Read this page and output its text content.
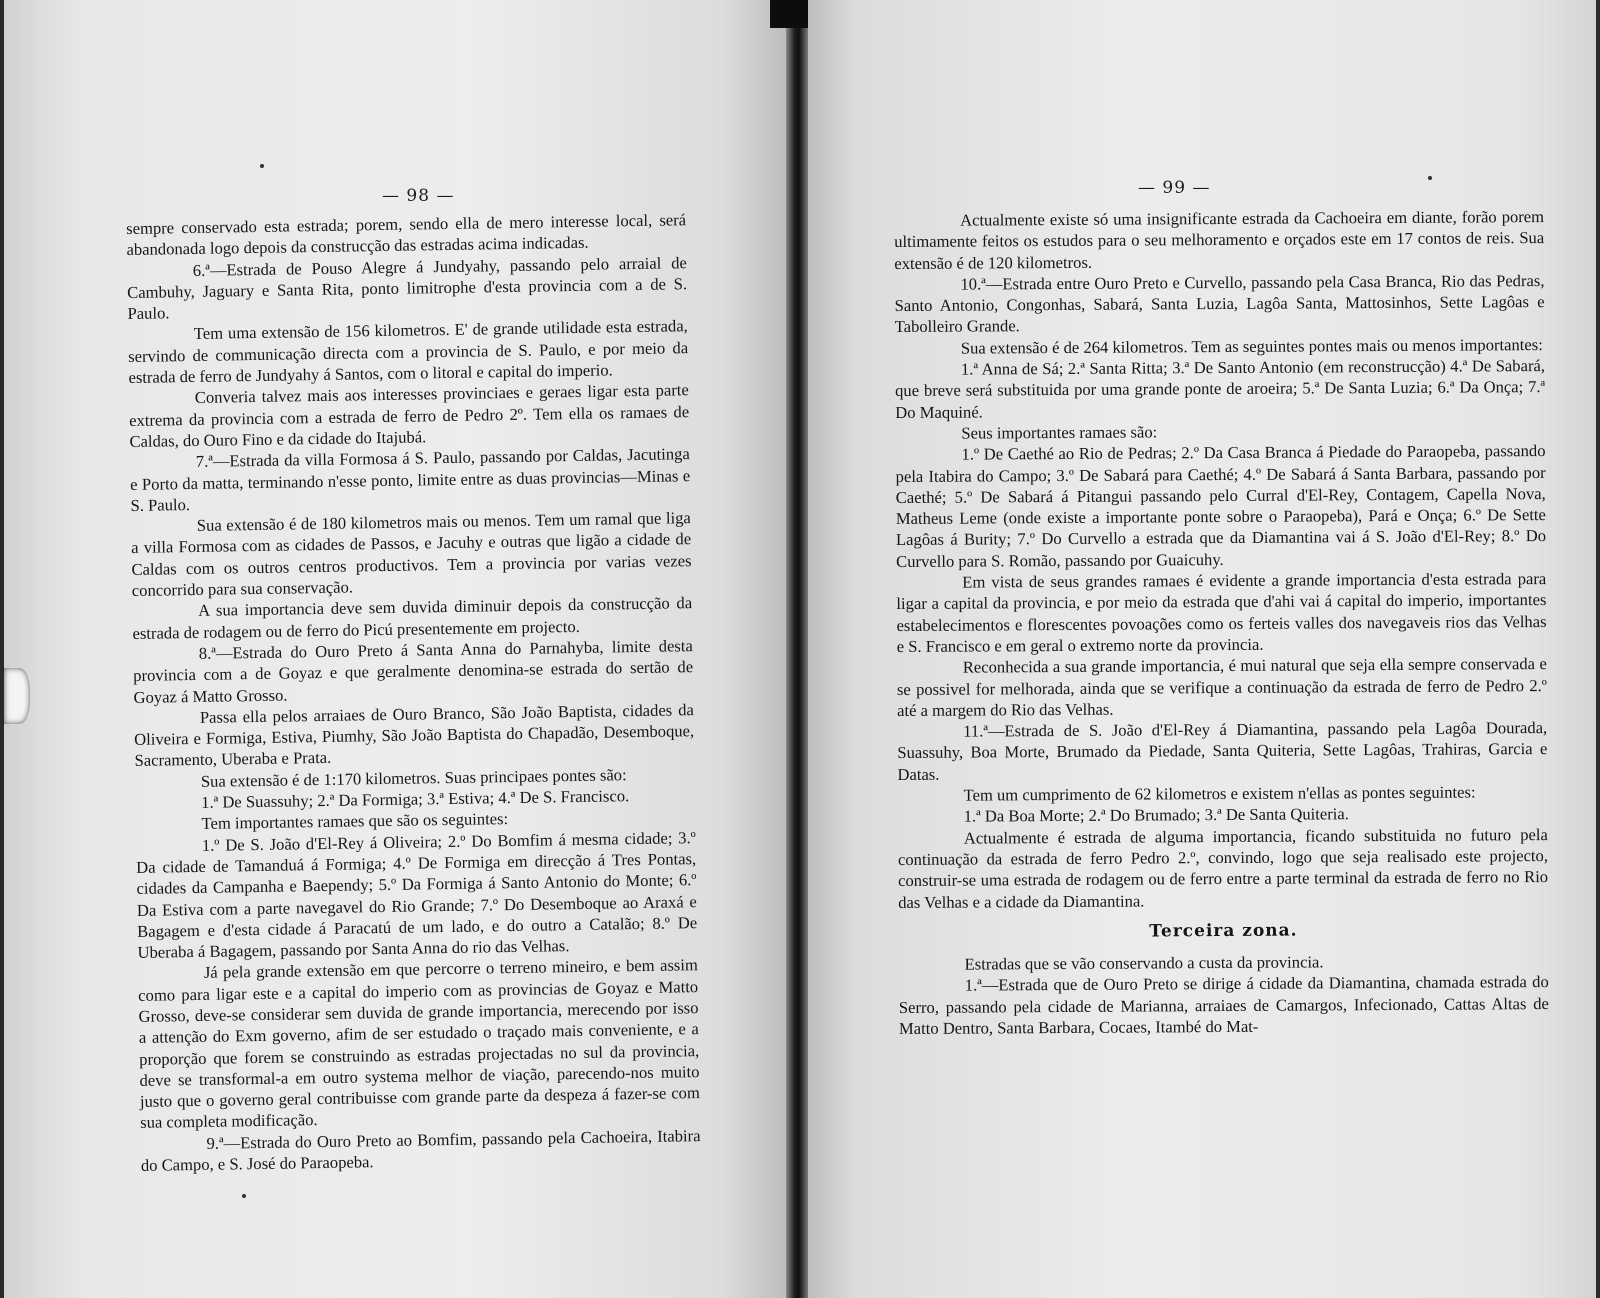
— 98 —

sempre conservado esta estrada; porem, sendo ella de mero interesse local, será abandonada logo depois da construcção das estradas acima indicadas.

6.ª—Estrada de Pouso Alegre á Jundyahy, passando pelo arraial de Cambuhy, Jaguary e Santa Rita, ponto limitrophe d'esta provincia com a de S. Paulo.

Tem uma extensão de 156 kilometros. E' de grande utilidade esta estrada, servindo de communicação directa com a provincia de S. Paulo, e por meio da estrada de ferro de Jundyahy á Santos, com o litoral e capital do imperio.

Converia talvez mais aos interesses provinciaes e geraes ligar esta parte extrema da provincia com a estrada de ferro de Pedro 2º. Tem ella os ramaes de Caldas, do Ouro Fino e da cidade do Itajubá.

7.ª—Estrada da villa Formosa á S. Paulo, passando por Caldas, Jacutinga e Porto da matta, terminando n'esse ponto, limite entre as duas provincias—Minas e S. Paulo.

Sua extensão é de 180 kilometros mais ou menos. Tem um ramal que liga a villa Formosa com as cidades de Passos, e Jacuhy e outras que ligão a cidade de Caldas com os outros centros productivos. Tem a provincia por varias vezes concorrido para sua conservação.

A sua importancia deve sem duvida diminuir depois da construcção da estrada de rodagem ou de ferro do Picú presentemente em projecto.

8.ª—Estrada do Ouro Preto á Santa Anna do Parnahyba, limite desta provincia com a de Goyaz e que geralmente denomina-se estrada do sertão de Goyaz á Matto Grosso.

Passa ella pelos arraiaes de Ouro Branco, São João Baptista, cidades da Oliveira e Formiga, Estiva, Piumhy, São João Baptista do Chapadão, Desemboque, Sacramento, Uberaba e Prata.

Sua extensão é de 1:170 kilometros. Suas principaes pontes são:

1.ª De Suassuhy; 2.ª Da Formiga; 3.ª Estiva; 4.ª De S. Francisco.

Tem importantes ramaes que são os seguintes:

1.º De S. João d'El-Rey á Oliveira; 2.º Do Bomfim á mesma cidade; 3.º Da cidade de Tamanduá á Formiga; 4.º De Formiga em direcção á Tres Pontas, cidades da Campanha e Baependy; 5.º Da Formiga á Santo Antonio do Monte; 6.º Da Estiva com a parte navegavel do Rio Grande; 7.º Do Desemboque ao Araxá e Bagagem e d'esta cidade á Paracatú de um lado, e do outro a Catalão; 8.º De Uberaba á Bagagem, passando por Santa Anna do rio das Velhas.

Já pela grande extensão em que percorre o terreno mineiro, e bem assim como para ligar este e a capital do imperio com as provincias de Goyaz e Matto Grosso, deve-se considerar sem duvida de grande importancia, merecendo por isso a attenção do Exm governo, afim de ser estudado o traçado mais conveniente, e a proporção que forem se construindo as estradas projectadas no sul da provincia, deve se transformal-a em outro systema melhor de viação, parecendo-nos muito justo que o governo geral contribuisse com grande parte da despeza á fazer-se com sua completa modificação.

9.ª—Estrada do Ouro Preto ao Bomfim, passando pela Cachoeira, Itabira do Campo, e S. José do Paraopeba.

— 99 —

Actualmente existe só uma insignificante estrada da Cachoeira em diante, forão porem ultimamente feitos os estudos para o seu melhoramento e orçados este em 17 contos de reis. Sua extensão é de 120 kilometros.

10.ª—Estrada entre Ouro Preto e Curvello, passando pela Casa Branca, Rio das Pedras, Santo Antonio, Congonhas, Sabará, Santa Luzia, Lagôa Santa, Mattosinhos, Sette Lagôas e Tabolleiro Grande.

Sua extensão é de 264 kilometros. Tem as seguintes pontes mais ou menos importantes:

1.ª Anna de Sá; 2.ª Santa Ritta; 3.ª De Santo Antonio (em reconstrucção) 4.ª De Sabará, que breve será substituida por uma grande ponte de aroeira; 5.ª De Santa Luzia; 6.ª Da Onça; 7.ª Do Maquiné.

Seus importantes ramaes são:

1.º De Caethé ao Rio de Pedras; 2.º Da Casa Branca á Piedade do Paraopeba, passando pela Itabira do Campo; 3.º De Sabará para Caethé; 4.º De Sabará á Santa Barbara, passando por Caethé; 5.º De Sabará á Pitangui passando pelo Curral d'El-Rey, Contagem, Capella Nova, Matheus Leme (onde existe a importante ponte sobre o Paraopeba), Pará e Onça; 6.º De Sette Lagôas á Burity; 7.º Do Curvello a estrada que da Diamantina vai á S. João d'El-Rey; 8.º Do Curvello para S. Romão, passando por Guaicuhy.

Em vista de seus grandes ramaes é evidente a grande importancia d'esta estrada para ligar a capital da provincia, e por meio da estrada que d'ahi vai á capital do imperio, importantes estabelecimentos e florescentes povoações como os ferteis valles dos navegaveis rios das Velhas e S. Francisco e em geral o extremo norte da provincia.

Reconhecida a sua grande importancia, é mui natural que seja ella sempre conservada e se possivel for melhorada, ainda que se verifique a continuação da estrada de ferro de Pedro 2.º até a margem do Rio das Velhas.

11.ª—Estrada de S. João d'El-Rey á Diamantina, passando pela Lagôa Dourada, Suassuhy, Boa Morte, Brumado da Piedade, Santa Quiteria, Sette Lagôas, Trahiras, Garcia e Datas.

Tem um cumprimento de 62 kilometros e existem n'ellas as pontes seguintes:

1.ª Da Boa Morte; 2.ª Do Brumado; 3.ª De Santa Quiteria.

Actualmente é estrada de alguma importancia, ficando substituida no futuro pela continuação da estrada de ferro Pedro 2.º, convindo, logo que seja realisado este projecto, construir-se uma estrada de rodagem ou de ferro entre a parte terminal da estrada de ferro no Rio das Velhas e a cidade da Diamantina.

Terceira zona.

Estradas que se vão conservando a custa da provincia.

1.ª—Estrada que de Ouro Preto se dirige á cidade da Diamantina, chamada estrada do Serro, passando pela cidade de Marianna, arraiaes de Camargos, Infecionado, Cattas Altas de Matto Dentro, Santa Barbara, Cocaes, Itambé do Mat-
